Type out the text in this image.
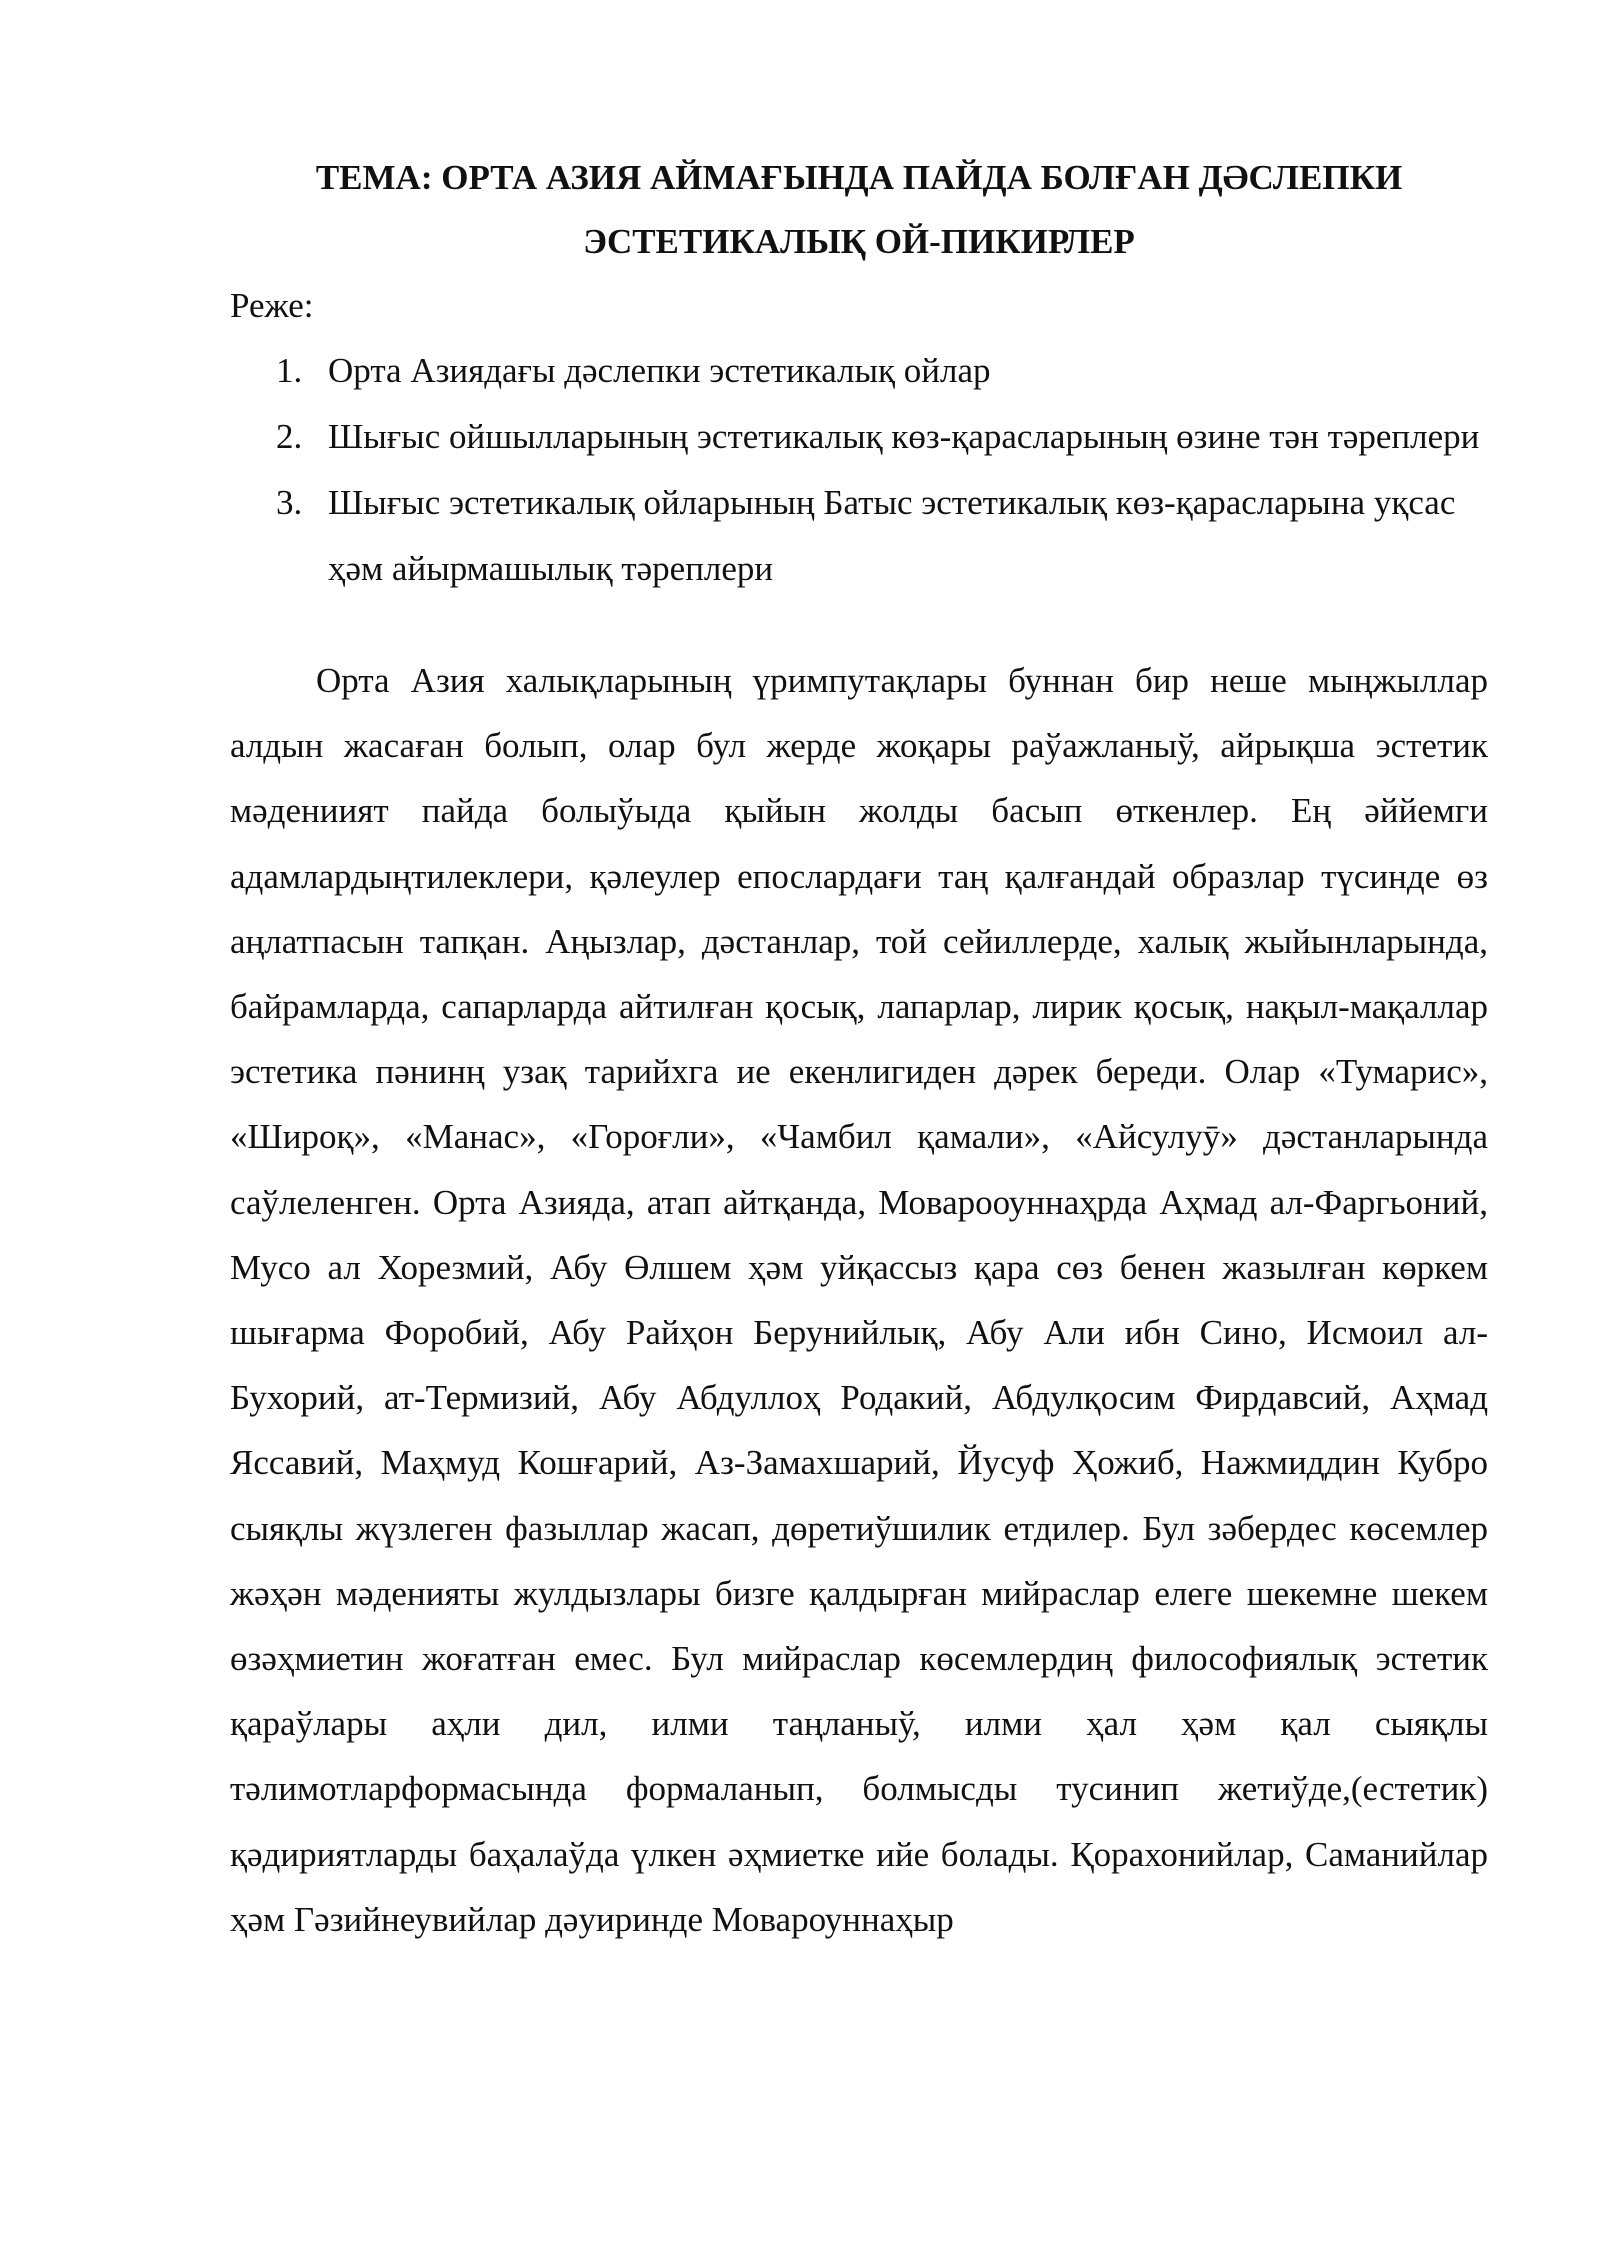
ТЕМА: ОРТА АЗИЯ АЙМАҒЫНДА ПАЙДА БОЛҒАН ДӘСЛЕПКИ
ЭСТЕТИКАЛЫҚ ОЙ-ПИКИРЛЕР

Реже:

1. Орта Азиядағы дәслепки эстетикалық ойлар
2. Шығыс ойшылларының эстетикалық көз-қарасларының өзине тән тәреплери
3. Шығыс эстетикалық ойларының Батыс эстетикалық көз-қарасларына уқсас ҳәм айырмашылық тәреплери

Орта Азия халықларының үримпутақлары буннан бир неше мыңжыллар алдын жасаған болып, олар бул жерде жоқары раўажланыў, айрықша эстетик мәдениият пайда болыўыда қыйын жолды басып өткенлер. Ең әййемги адамлардыңтилеклери, қәлеулер епослардағи таң қалғандай образлар түсинде өз аңлатпасын тапқан. Аңызлар, дәстанлар, той сейиллерде, халық жыйынларында, байрамларда, сапарларда айтилған қосық, лапарлар, лирик қосық, нақыл-мақаллар эстетика пәнинң узақ тарийхга ие екенлигиден дәрек береди. Олар «Тумарис», «Широқ», «Манас», «Гороғли», «Чамбил қамали», «Айсулуӯ» дәстанларында саўлеленген. Орта Азияда, атап айтқанда, Моварооуннаҳрда Аҳмад ал-Фаргьоний, Мусо ал Хорезмий, Абу Өлшем ҳәм уйқассыз қара сөз бенен жазылған көркем шығарма Форобий, Абу Райҳон Берунийлық, Абу Али ибн Сино, Исмоил ал-Бухорий, ат-Термизий, Абу Абдуллоҳ Родакий, Абдулқосим Фирдавсий, Аҳмад Яссавий, Маҳмуд Кошғарий, Аз-Замахшарий, Йусуф Ҳожиб, Нажмиддин Кубро сыяқлы жүзлеген фазыллар жасап, дөретиўшилик етдилер. Бул зәбердес көсемлер жәҳән мәденияты жулдызлары бизге қалдырған мийраслар елеге шекемне шекем өзәҳмиетин жоғатған емес. Бул мийраслар көсемлердиң философиялық эстетик қараўлары аҳли дил, илми таңланыў, илми ҳал ҳәм қал сыяқлы тәлимотларформасында формаланып, болмысды тусинип жетиўде,(естетик) қәдириятларды баҳалаўда үлкен әҳмиетке ийе болады. Қорахонийлар, Саманийлар ҳәм Гәзийнеувийлар дәуиринде Мовароуннаҳыр
